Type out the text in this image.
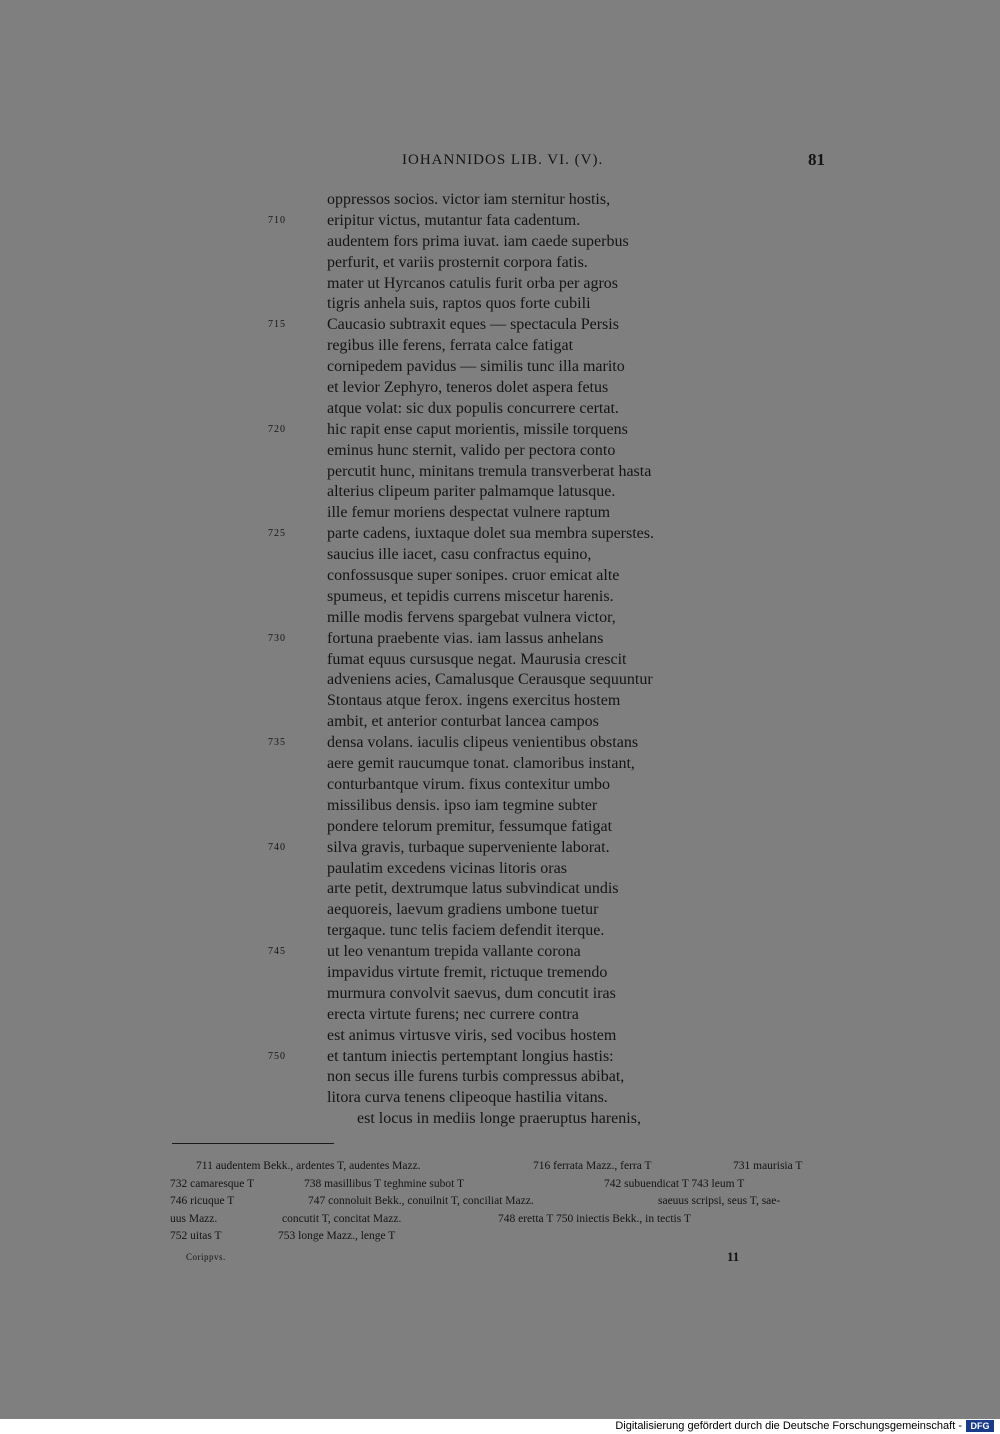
IOHANNIDOS LIB. VI. (V).	81
oppressos socios. victor iam sternitur hostis,
710	eripitur victus, mutantur fata cadentum.
audentem fors prima iuvat. iam caede superbus
perfurit, et variis prosternit corpora fatis.
mater ut Hyrcanos catulis furit orba per agros
tigris anhela suis, raptos quos forte cubili
715	Caucasio subtraxit eques — spectacula Persis
regibus ille ferens, ferrata calce fatigat
cornipedem pavidus — similis tunc illa marito
et levior Zephyro, teneros dolet aspera fetus
atque volat: sic dux populis concurrere certat.
720	hic rapit ense caput morientis, missile torquens
eminus hunc sternit, valido per pectora conto
percutit hunc, minitans tremula transverberat hasta
alterius clipeum pariter palmamque latusque.
ille femur moriens despectat vulnere raptum
725	parte cadens, iuxtaque dolet sua membra superstes.
saucius ille iacet, casu confractus equino,
confossusque super sonipes. cruor emicat alte
spumeus, et tepidis currens miscetur harenis.
mille modis fervens spargebat vulnera victor,
730	fortuna praebente vias. iam lassus anhelans
fumat equus cursusque negat. Maurusia crescit
adveniens acies, Camalusque Cerausque sequuntur
Stontaus atque ferox. ingens exercitus hostem
ambit, et anterior conturbat lancea campos
735	densa volans. iaculis clipeus venientibus obstans
aere gemit raucumque tonat. clamoribus instant,
conturbantque virum. fixus contexitur umbo
missilibus densis. ipso iam tegmine subter
pondere telorum premitur, fessumque fatigat
740	silva gravis, turbaque superveniente laborat.
paulatim excedens vicinas litoris oras
arte petit, dextrumque latus subvindicat undis
aequoreis, laevum gradiens umbone tuetur
tergaque. tunc telis faciem defendit iterque.
745	ut leo venantum trepida vallante corona
impavidus virtute fremit, rictuque tremendo
murmura convolvit saevus, dum concutit iras
erecta virtute furens; nec currere contra
est animus virtusve viris, sed vocibus hostem
750	et tantum iniectis pertemptant longius hastis:
non secus ille furens turbis compressus abibat,
litora curva tenens clipeoque hastilia vitans.
est locus in mediis longe praeruptus harenis,
711 audentem Bekk., ardentes T, audentes Mazz.	716 ferrata Mazz., ferra T	731 maurisia T
732 camaresque T	738 masillibus T teghmine subot T	742 subuendicat T 743 leum T
746 ricuque T	747 connoluit Bekk., conuilnit T, conciliat Mazz.	saeuus scripsi, seus T, sae-
uus Mazz.	concutit T, concitat Mazz.	748 eretta T 750 iniectis Bekk., in tectis T
752 uitas T	753 longe Mazz., lenge T
Corippvs.	11
Digitalisierung gefördert durch die Deutsche Forschungsgemeinschaft - DFG
